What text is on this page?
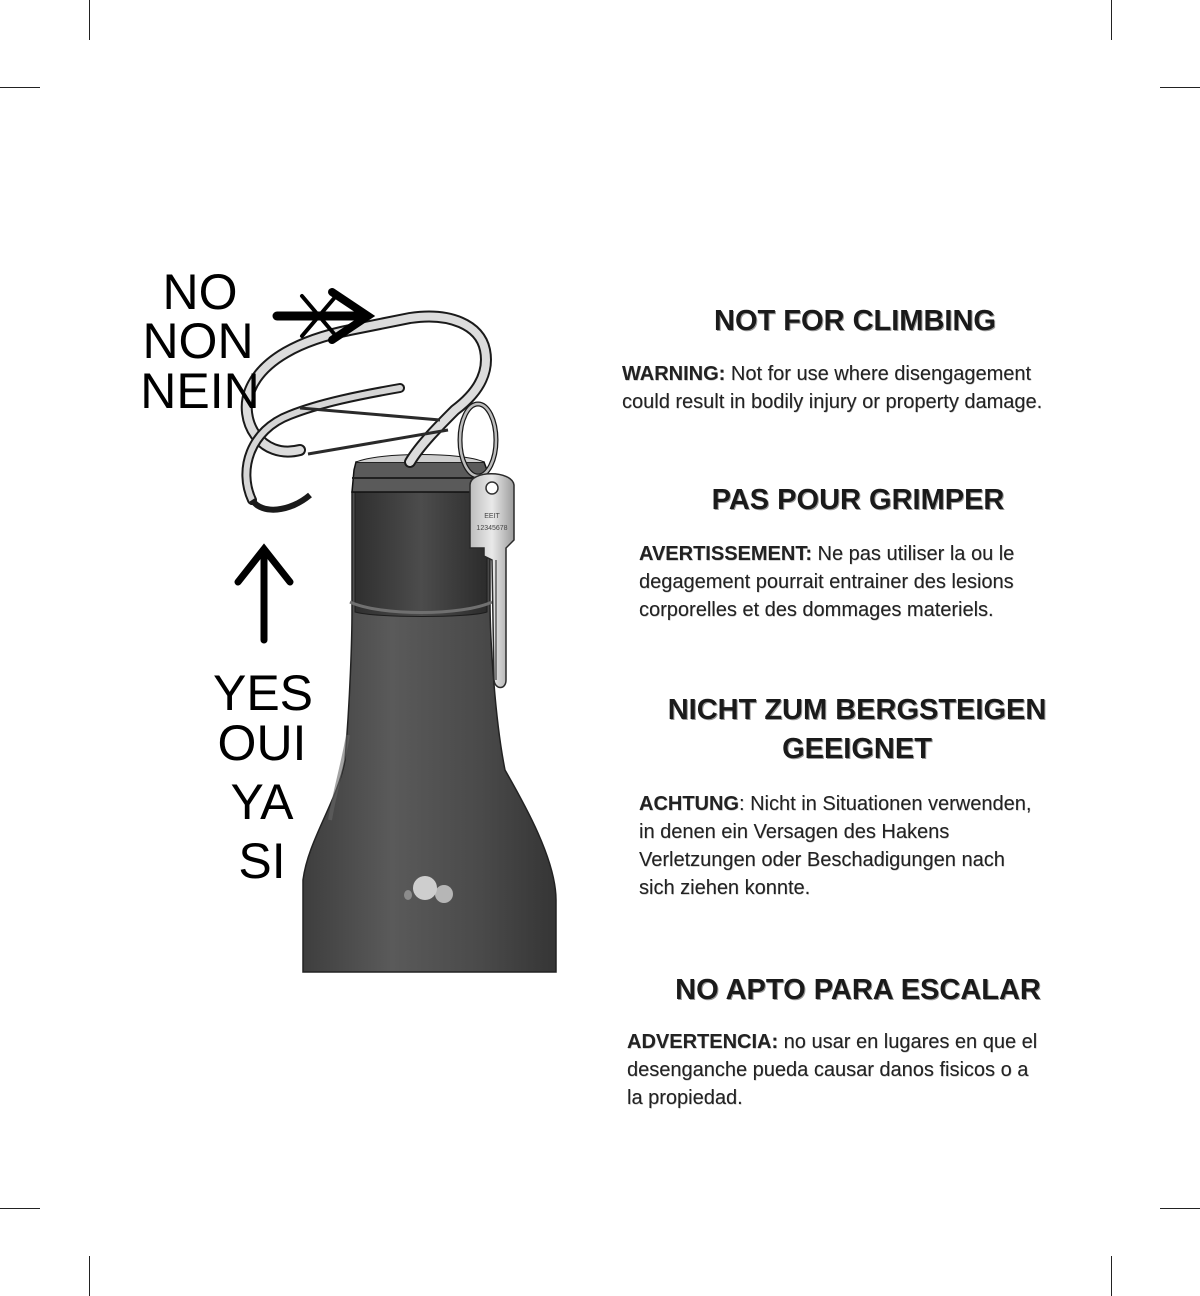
EEIT
12345678
NO
NON
NEIN
YES
OUI
YA
SI
NOT FOR CLIMBING
WARNING: Not for use where disengagement
could result in bodily injury or property damage.
PAS POUR GRIMPER
AVERTISSEMENT: Ne pas utiliser la ou le
degagement pourrait entrainer des lesions
corporelles et des dommages materiels.
NICHT ZUM BERGSTEIGEN
GEEIGNET
ACHTUNG: Nicht in Situationen verwenden,
in denen ein Versagen des Hakens
Verletzungen oder Beschadigungen nach
sich ziehen konnte.
NO APTO PARA ESCALAR
ADVERTENCIA: no usar en lugares en que el
desenganche pueda causar danos fisicos o a
la propiedad.
